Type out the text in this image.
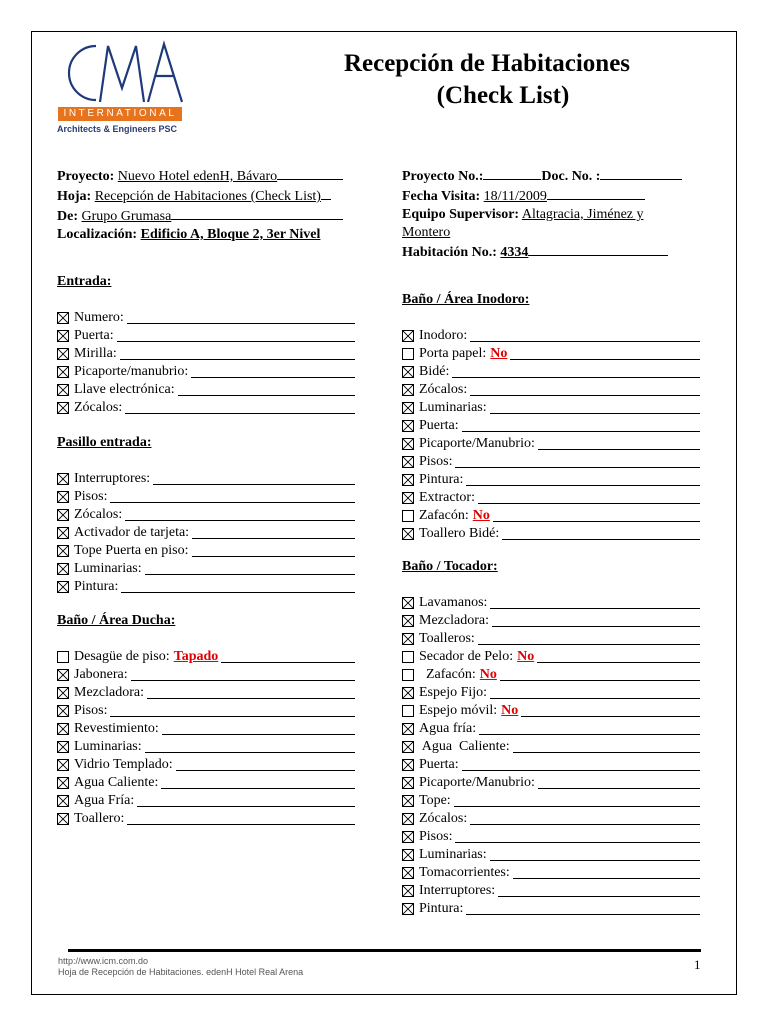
INTERNATIONAL
Architects & Engineers PSC
Recepción de Habitaciones
(Check List)
Proyecto: Nuevo Hotel edenH, Bávaro
Hoja: Recepción de Habitaciones (Check List)
De: Grupo Grumasa
Localización: Edificio A, Bloque 2, 3er Nivel
Proyecto No.:	Doc. No. :
Fecha Visita: 18/11/2009
Equipo Supervisor: Altagracia, Jiménez y
Montero
Habitación No.: 4334
Entrada:
Numero:
Puerta:
Mirilla:
Picaporte/manubrio:
Llave electrónica:
Zócalos:
Pasillo entrada:
Interruptores:
Pisos:
Zócalos:
Activador de tarjeta:
Tope Puerta en piso:
Luminarias:
Pintura:
Baño / Área Ducha:
Desagüe de piso: Tapado
Jabonera:
Mezcladora:
Pisos:
Revestimiento:
Luminarias:
Vidrio Templado:
Agua Caliente:
Agua Fría:
Toallero:
Baño / Área Inodoro:
Inodoro:
Porta papel: No
Bidé:
Zócalos:
Luminarias:
Puerta:
Picaporte/Manubrio:
Pisos:
Pintura:
Extractor:
Zafacón: No
Toallero Bidé:
Baño / Tocador:
Lavamanos:
Mezcladora:
Toalleros:
Secador de Pelo: No
Zafacón: No
Espejo Fijo:
Espejo móvil: No
Agua fría:
Agua  Caliente:
Puerta:
Picaporte/Manubrio:
Tope:
Zócalos:
Pisos:
Luminarias:
Tomacorrientes:
Interruptores:
Pintura:
http://www.icm.com.do
Hoja de Recepción de Habitaciones. edenH Hotel Real Arena	1
